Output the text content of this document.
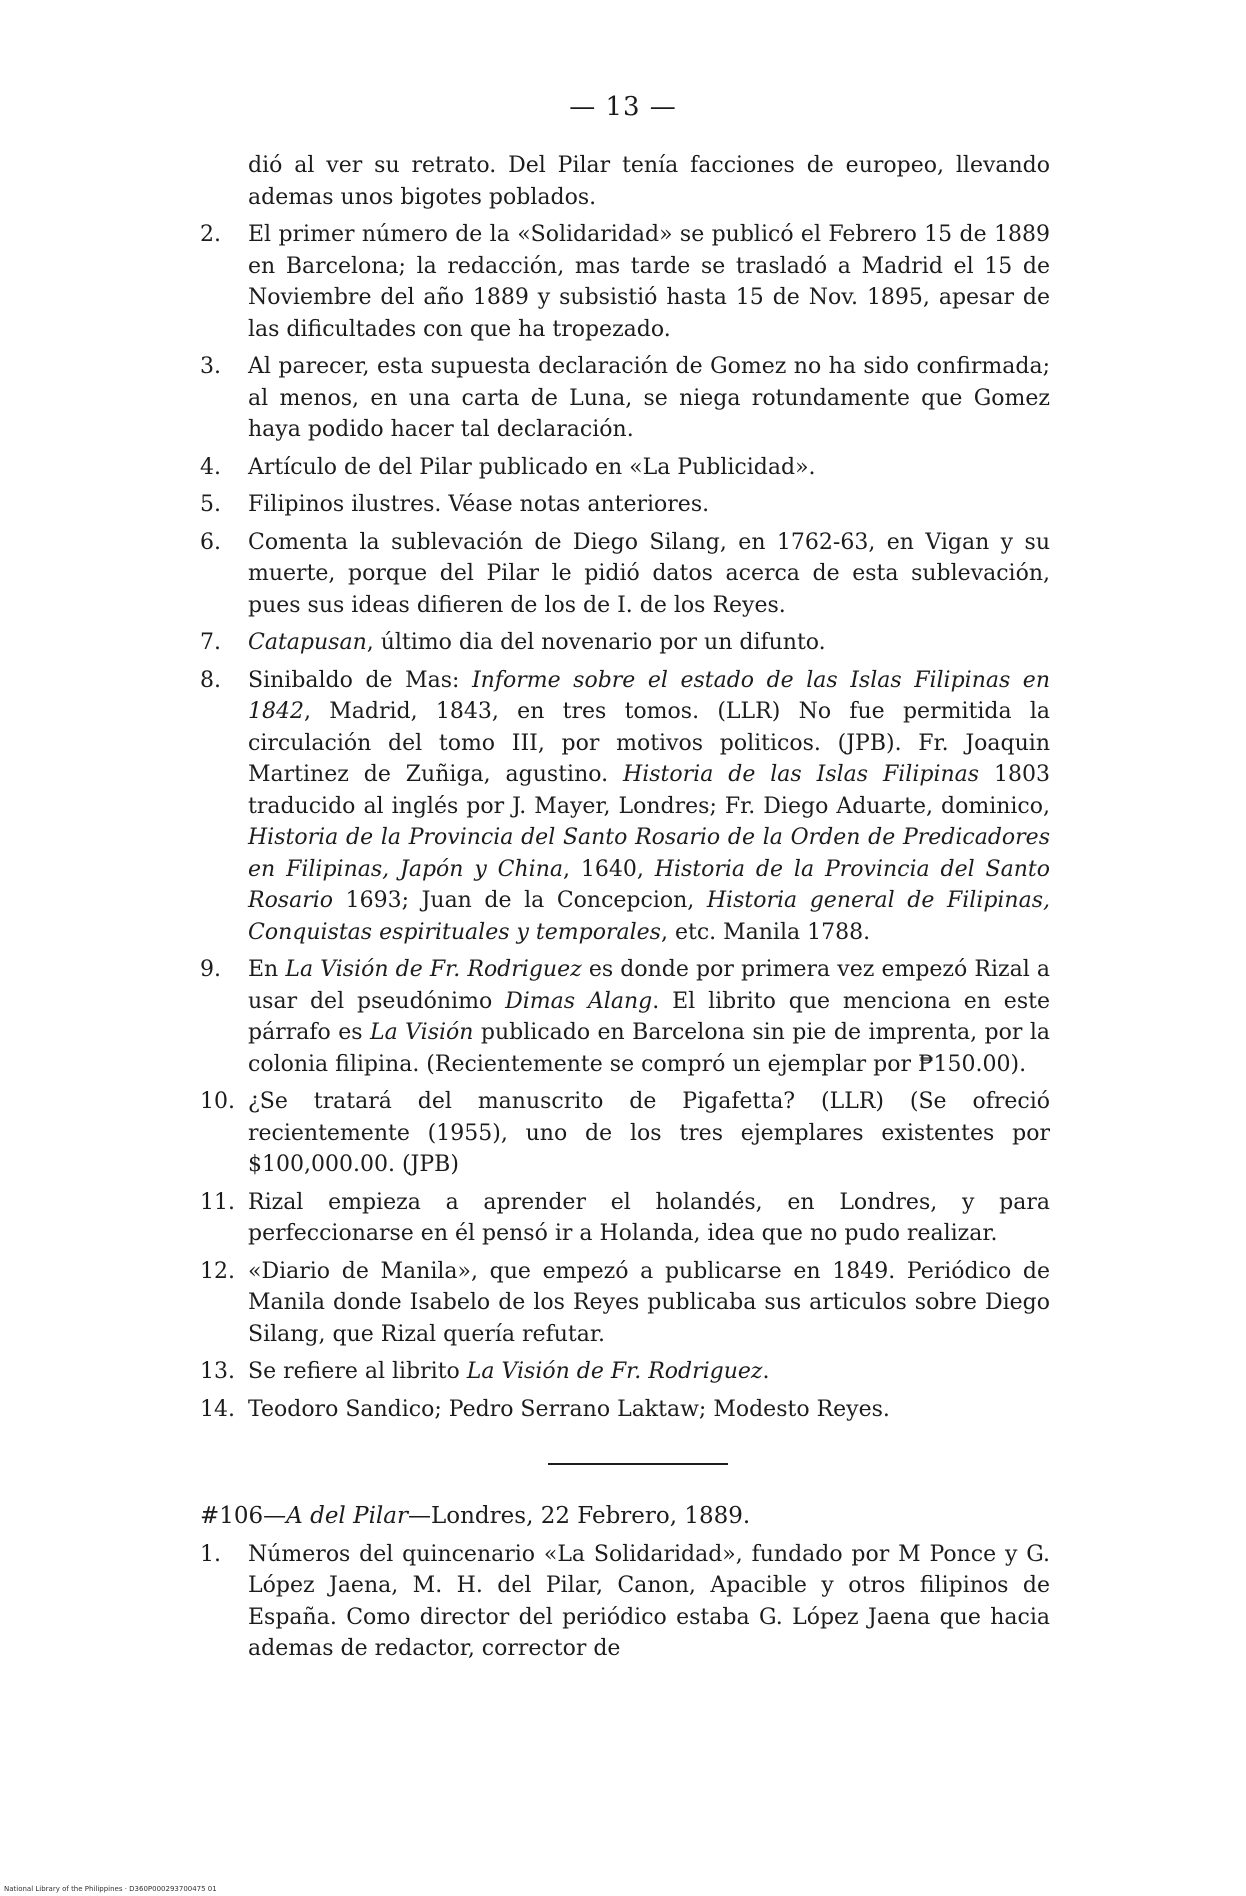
— 13 —

dió al ver su retrato. Del Pilar tenía facciones de europeo, llevando ademas unos bigotes poblados.

2.	El primer número de la «Solidaridad» se publicó el Febrero 15 de 1889 en Barcelona; la redacción, mas tarde se trasladó a Madrid el 15 de Noviembre del año 1889 y subsistió hasta 15 de Nov. 1895, apesar de las dificultades con que ha tropezado.
3.	Al parecer, esta supuesta declaración de Gomez no ha sido confirmada; al menos, en una carta de Luna, se niega rotundamente que Gomez haya podido hacer tal declaración.
4.	Artículo de del Pilar publicado en «La Publicidad».
5.	Filipinos ilustres. Véase notas anteriores.
6.	Comenta la sublevación de Diego Silang, en 1762-63, en Vigan y su muerte, porque del Pilar le pidió datos acerca de esta sublevación, pues sus ideas difieren de los de I. de los Reyes.
7.	Catapusan, último dia del novenario por un difunto.
8.	Sinibaldo de Mas: Informe sobre el estado de las Islas Filipinas en 1842, Madrid, 1843, en tres tomos. (LLR) No fue permitida la circulación del tomo III, por motivos politicos. (JPB). Fr. Joaquin Martinez de Zuñiga, agustino. Historia de las Islas Filipinas 1803 traducido al inglés por J. Mayer, Londres; Fr. Diego Aduarte, dominico, Historia de la Provincia del Santo Rosario de la Orden de Predicadores en Filipinas, Japón y China, 1640, Historia de la Provincia del Santo Rosario 1693; Juan de la Concepcion, Historia general de Filipinas, Conquistas espirituales y temporales, etc. Manila 1788.
9.	En La Visión de Fr. Rodriguez es donde por primera vez empezó Rizal a usar del pseudónimo Dimas Alang. El librito que menciona en este párrafo es La Visión publicado en Barcelona sin pie de imprenta, por la colonia filipina. (Recientemente se compró un ejemplar por ₱150.00).
10. ¿Se tratará del manuscrito de Pigafetta? (LLR) (Se ofreció recientemente (1955), uno de los tres ejemplares existentes por $100,000.00. (JPB)
11. Rizal empieza a aprender el holandés, en Londres, y para perfeccionarse en él pensó ir a Holanda, idea que no pudo realizar.
12. «Diario de Manila», que empezó a publicarse en 1849. Periódico de Manila donde Isabelo de los Reyes publicaba sus articulos sobre Diego Silang, que Rizal quería refutar.
13. Se refiere al librito La Visión de Fr. Rodriguez.
14. Teodoro Sandico; Pedro Serrano Laktaw; Modesto Reyes.
#106—A del Pilar—Londres, 22 Febrero, 1889.
1.	Números del quincenario «La Solidaridad», fundado por M Ponce y G. López Jaena, M. H. del Pilar, Canon, Apacible y otros filipinos de España. Como director del periódico estaba G. López Jaena que hacia ademas de redactor, corrector de
National Library of the Philippines · D360P000293700475 01
